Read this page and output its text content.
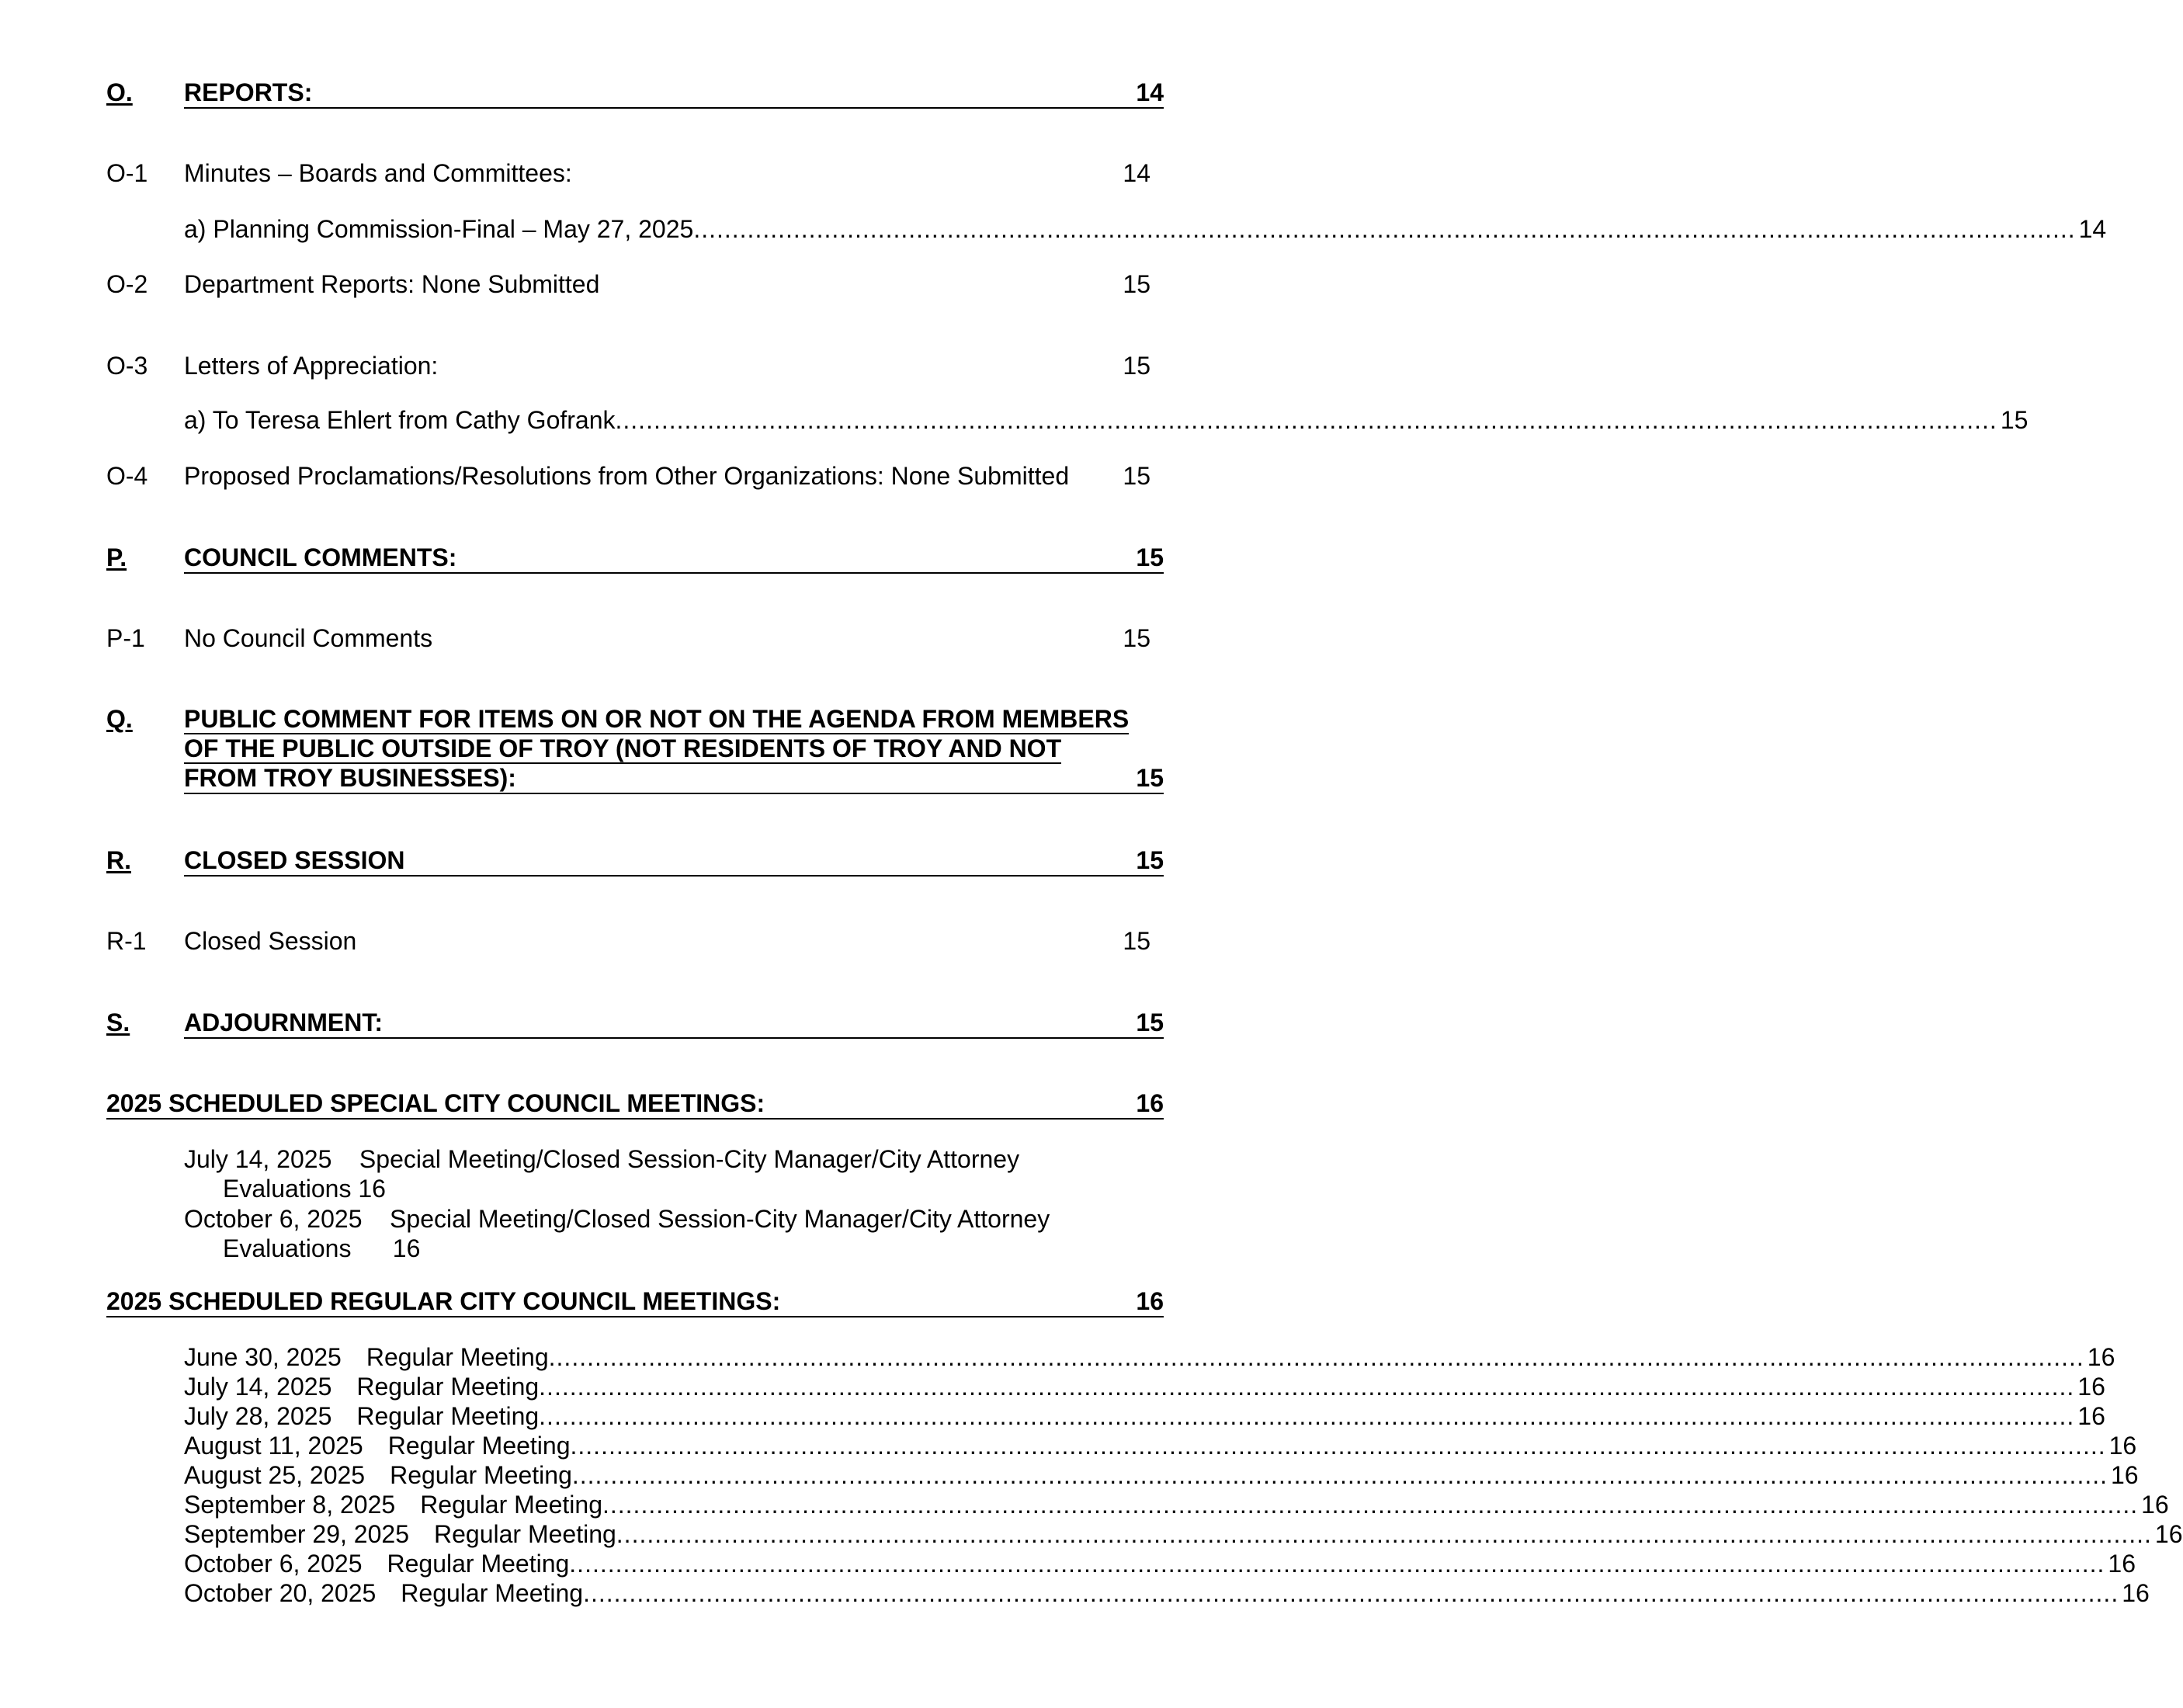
O. REPORTS:	14
O-1 Minutes – Boards and Committees:	14
a) Planning Commission-Final – May 27, 2025 .................................................................................................................................................................................... 14
O-2 Department Reports: None Submitted	15
O-3 Letters of Appreciation:	15
a) To Teresa Ehlert from Cathy Gofrank .................................................................................................................................................................................... 15
O-4 Proposed Proclamations/Resolutions from Other Organizations: None Submitted 15
P. COUNCIL COMMENTS:	15
P-1 No Council Comments	15
Q. PUBLIC COMMENT FOR ITEMS ON OR NOT ON THE AGENDA FROM MEMBERS
OF THE PUBLIC OUTSIDE OF TROY (NOT RESIDENTS OF TROY AND NOT
FROM TROY BUSINESSES):	15
R. CLOSED SESSION	15
R-1 Closed Session	15
S. ADJOURNMENT:	15
2025 SCHEDULED SPECIAL CITY COUNCIL MEETINGS:	16
July 14, 2025    Special Meeting/Closed Session-City Manager/City Attorney
Evaluations 16
October 6, 2025    Special Meeting/Closed Session-City Manager/City Attorney
Evaluations      16
2025 SCHEDULED REGULAR CITY COUNCIL MEETINGS:	16
June 30, 2025 Regular Meeting ........................................................................................................................................................................................................ 16
July 14, 2025 Regular Meeting ........................................................................................................................................................................................................ 16
July 28, 2025 Regular Meeting ........................................................................................................................................................................................................ 16
August 11, 2025 Regular Meeting ........................................................................................................................................................................................................ 16
August 25, 2025 Regular Meeting ........................................................................................................................................................................................................ 16
September 8, 2025 Regular Meeting ........................................................................................................................................................................................................ 16
September 29, 2025 Regular Meeting ........................................................................................................................................................................................................ 16
October 6, 2025 Regular Meeting ........................................................................................................................................................................................................ 16
October 20, 2025 Regular Meeting ........................................................................................................................................................................................................ 16
